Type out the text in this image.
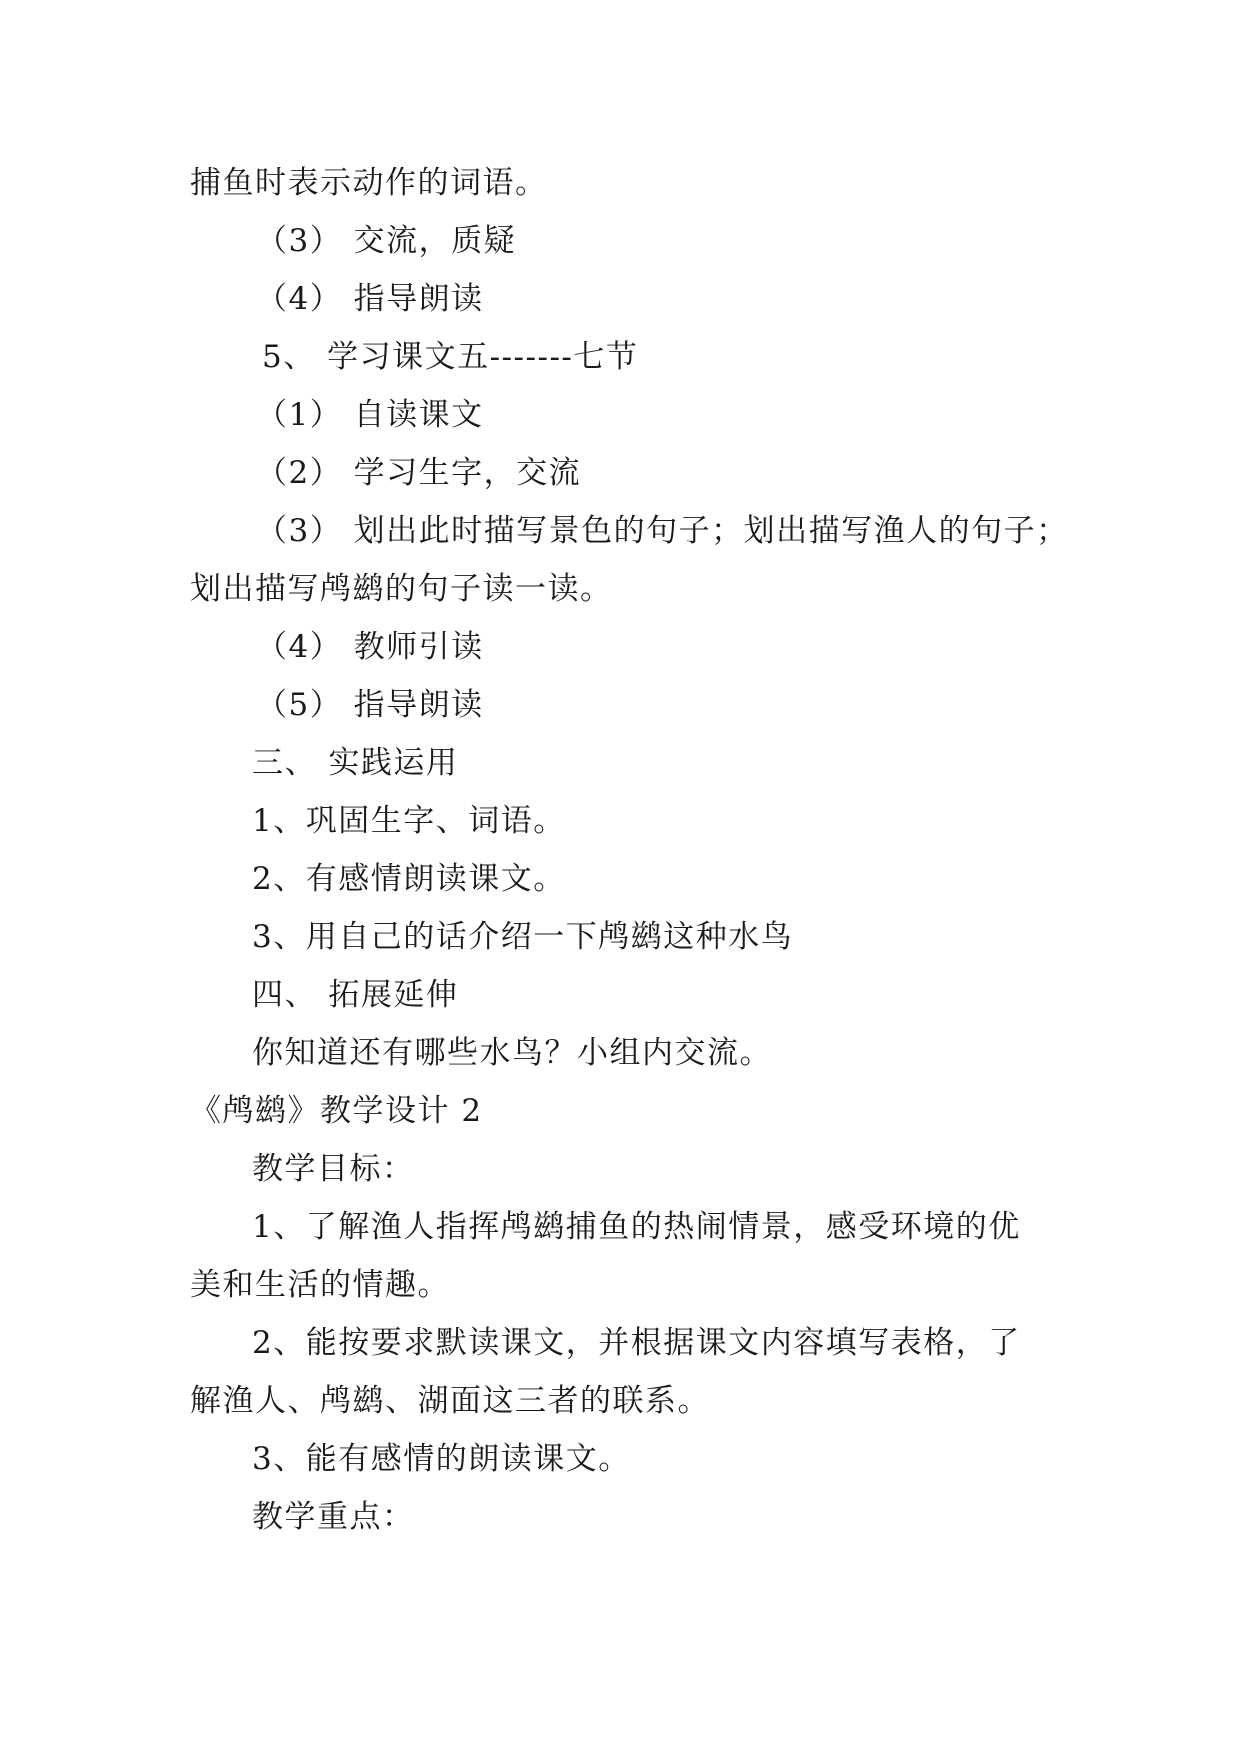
捕鱼时表示动作的词语。
（3） 交流，质疑
（4） 指导朗读
5、 学习课文五-------七节
（1） 自读课文
（2） 学习生字，交流
（3） 划出此时描写景色的句子；划出描写渔人的句子；
划出描写鸬鹚的句子读一读。
（4） 教师引读
（5） 指导朗读
三、 实践运用
1、巩固生字、词语。
2、有感情朗读课文。
3、用自己的话介绍一下鸬鹚这种水鸟
四、 拓展延伸
你知道还有哪些水鸟？小组内交流。
《鸬鹚》教学设计 2
教学目标：
1、了解渔人指挥鸬鹚捕鱼的热闹情景，感受环境的优
美和生活的情趣。
2、能按要求默读课文，并根据课文内容填写表格，了
解渔人、鸬鹚、湖面这三者的联系。
3、能有感情的朗读课文。
教学重点：
